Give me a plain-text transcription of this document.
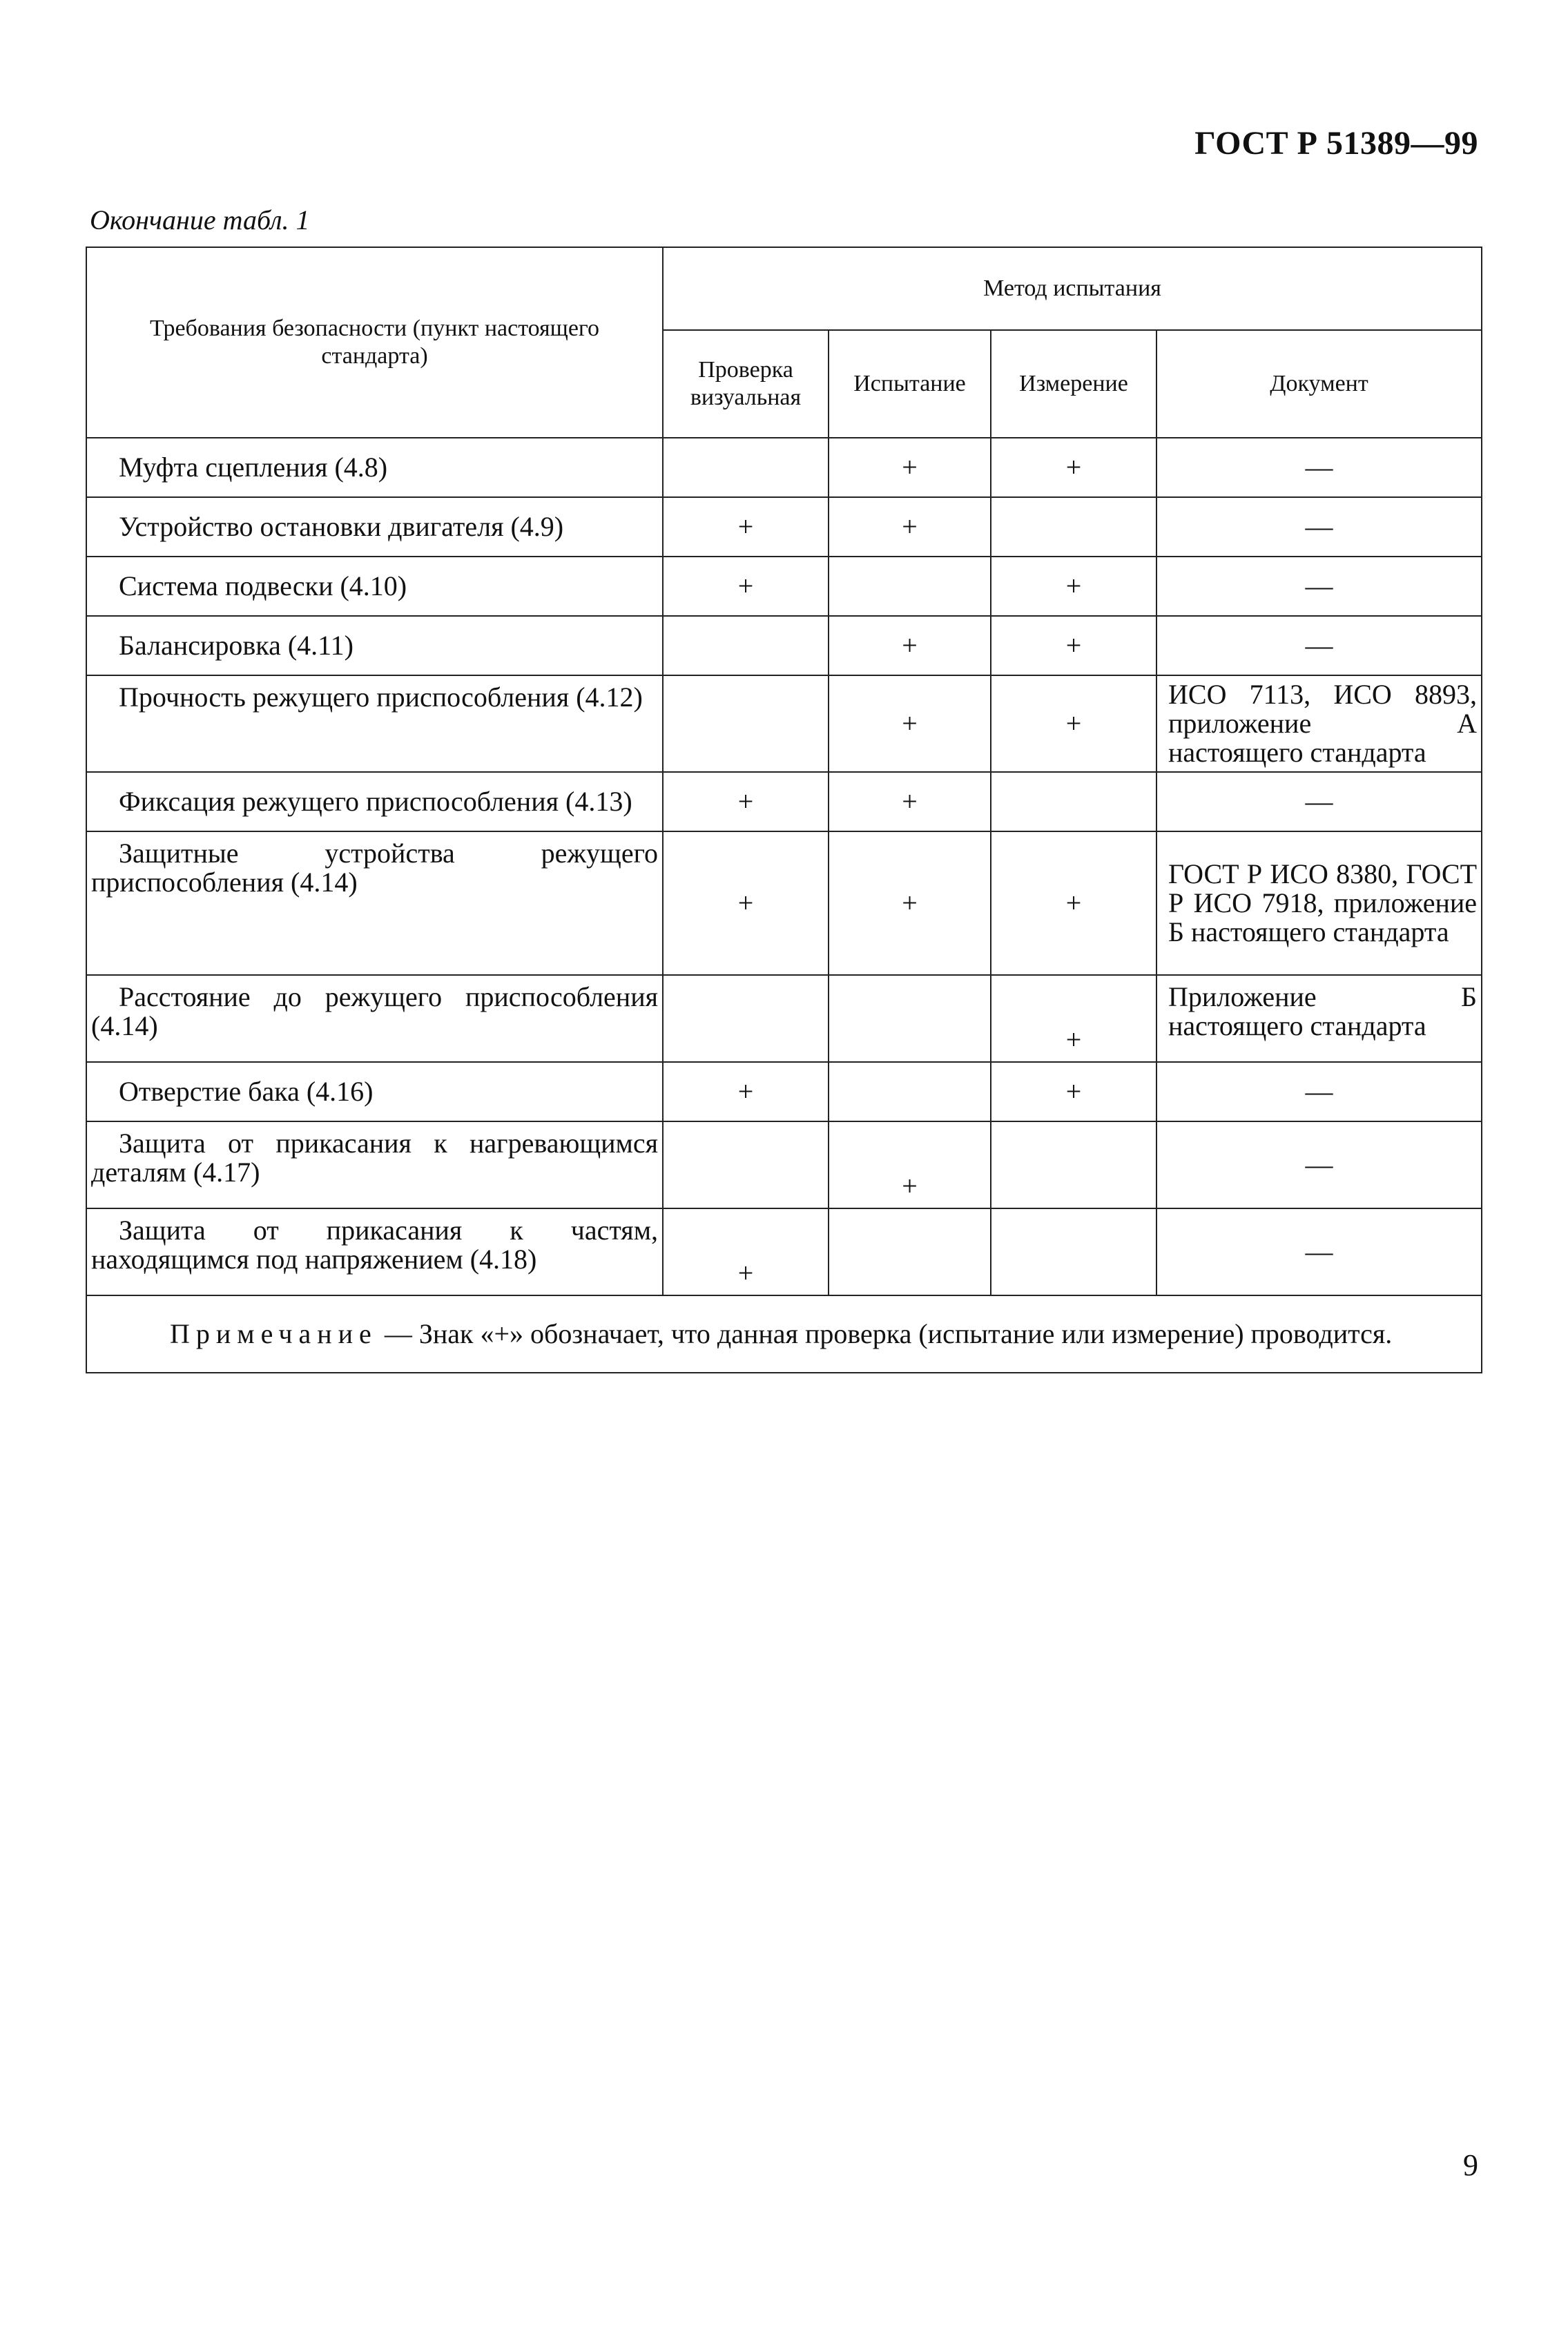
ГОСТ Р 51389—99
Окончание табл. 1
Требования безопасности (пункт настоящего стандарта)	Метод испытания			
	Проверка визуальная	Испытание	Измерение	Документ
Муфта сцепления (4.8)		+	+	—
Устройство остановки двигателя (4.9)	+	+		—
Система подвески (4.10)	+		+	—
Балансировка (4.11)		+	+	—
Прочность режущего приспособления (4.12)		+	+	ИСО 7113, ИСО 8893, приложение А настоящего стандарта
Фиксация режущего приспособления (4.13)	+	+		—
Защитные устройства режущего приспособления (4.14)	+	+	+	ГОСТ Р ИСО 8380, ГОСТ Р ИСО 7918, приложение Б настоящего стандарта
Расстояние до режущего приспособления (4.14)			+	Приложение Б настоящего стандарта
Отверстие бака (4.16)	+		+	—
Защита от прикасания к нагревающимся деталям (4.17)		+		—
Защита от прикасания к частям, находящимся под напряжением (4.18)	+			—
Примечание — Знак «+» обозначает, что данная проверка (испытание или измерение) проводится.				
9
